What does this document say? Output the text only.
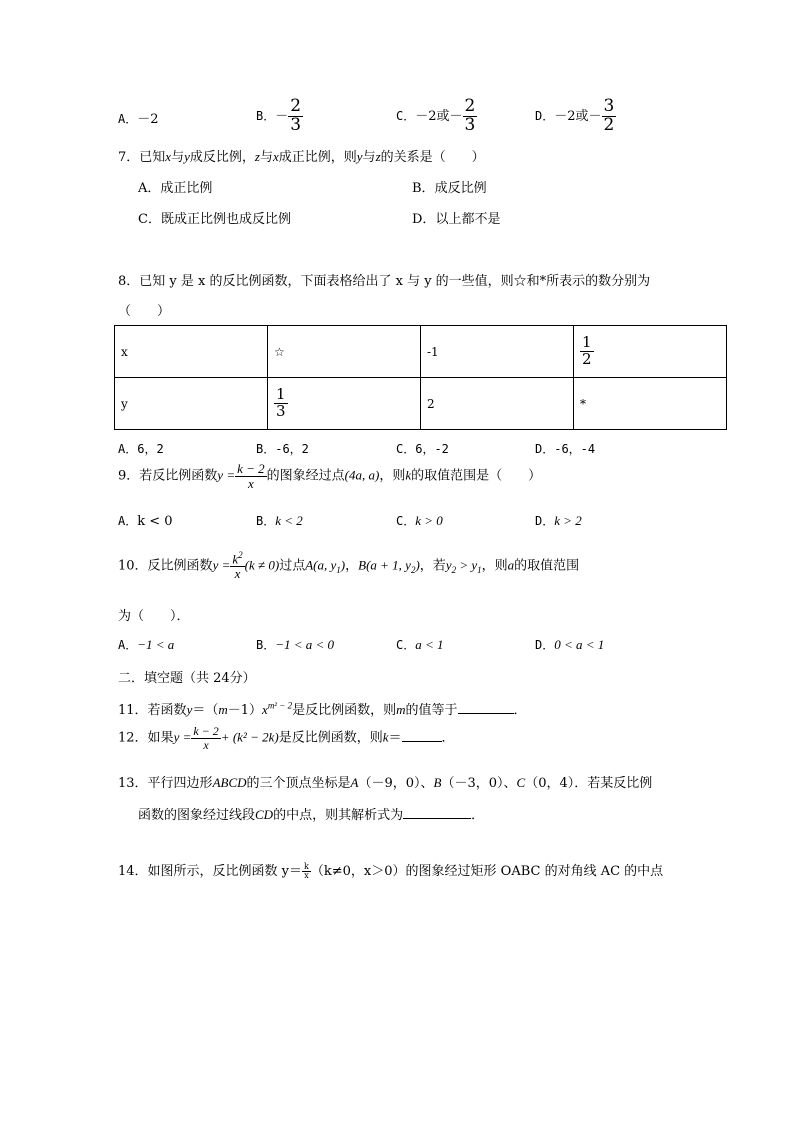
A．－2	B．－ $\frac{2}{3}$	C．－2或－ $\frac{2}{3}$	D．－2或－ $\frac{3}{2}$
7．已知x与y成反比例，z与x成正比例，则y与z的关系是（　　）
A．成正比例	B．成反比例
C．既成正比例也成反比例	D．以上都不是
8．已知 y 是 x 的反比例函数，下面表格给出了 x 与 y 的一些值，则☆和*所表示的数分别为
（　　）
x	☆	-1	$\frac{1}{2}$

y	$\frac{1}{3}$	2	*
A．6，2	B．-6，2	C．6，-2	D．-6，-4
9．若反比例函数$y = \frac{k - 2}{x}$ 的图象经过点(4a, a)，则k的取值范围是（　　）
A．k < 0	B．k < 2	C．k > 0	D．k > 2
10．反比例函数$y = \frac{k^2}{x} (k \ne 0)$过点A(a, $y_1$)，B(a + 1, $y_2$)，若$y_2 > y_1$，则a的取值范围
为（　　）．
A．−1 < a	B．−1 < a < 0	C．a < 1	D．0 < a < 1
二．填空题（共 24分）
11．若函数$y=(m-1)x^{m^2 - 2}$是反比例函数，则m的值等于	．
12．如果$y = \frac{k - 2}{x} + (k^2 - 2k)$是反比例函数，则k＝	．
13．平行四边形ABCD的三个顶点坐标是A（－9，0）、B（－3，0）、C（0，4）．若某反比例
函数的图象经过线段CD的中点，则其解析式为	．
14．如图所示，反比例函数 $y= \frac{k}{x} (k\ne 0$，x＞0）的图象经过矩形 OABC 的对角线 AC 的中点
